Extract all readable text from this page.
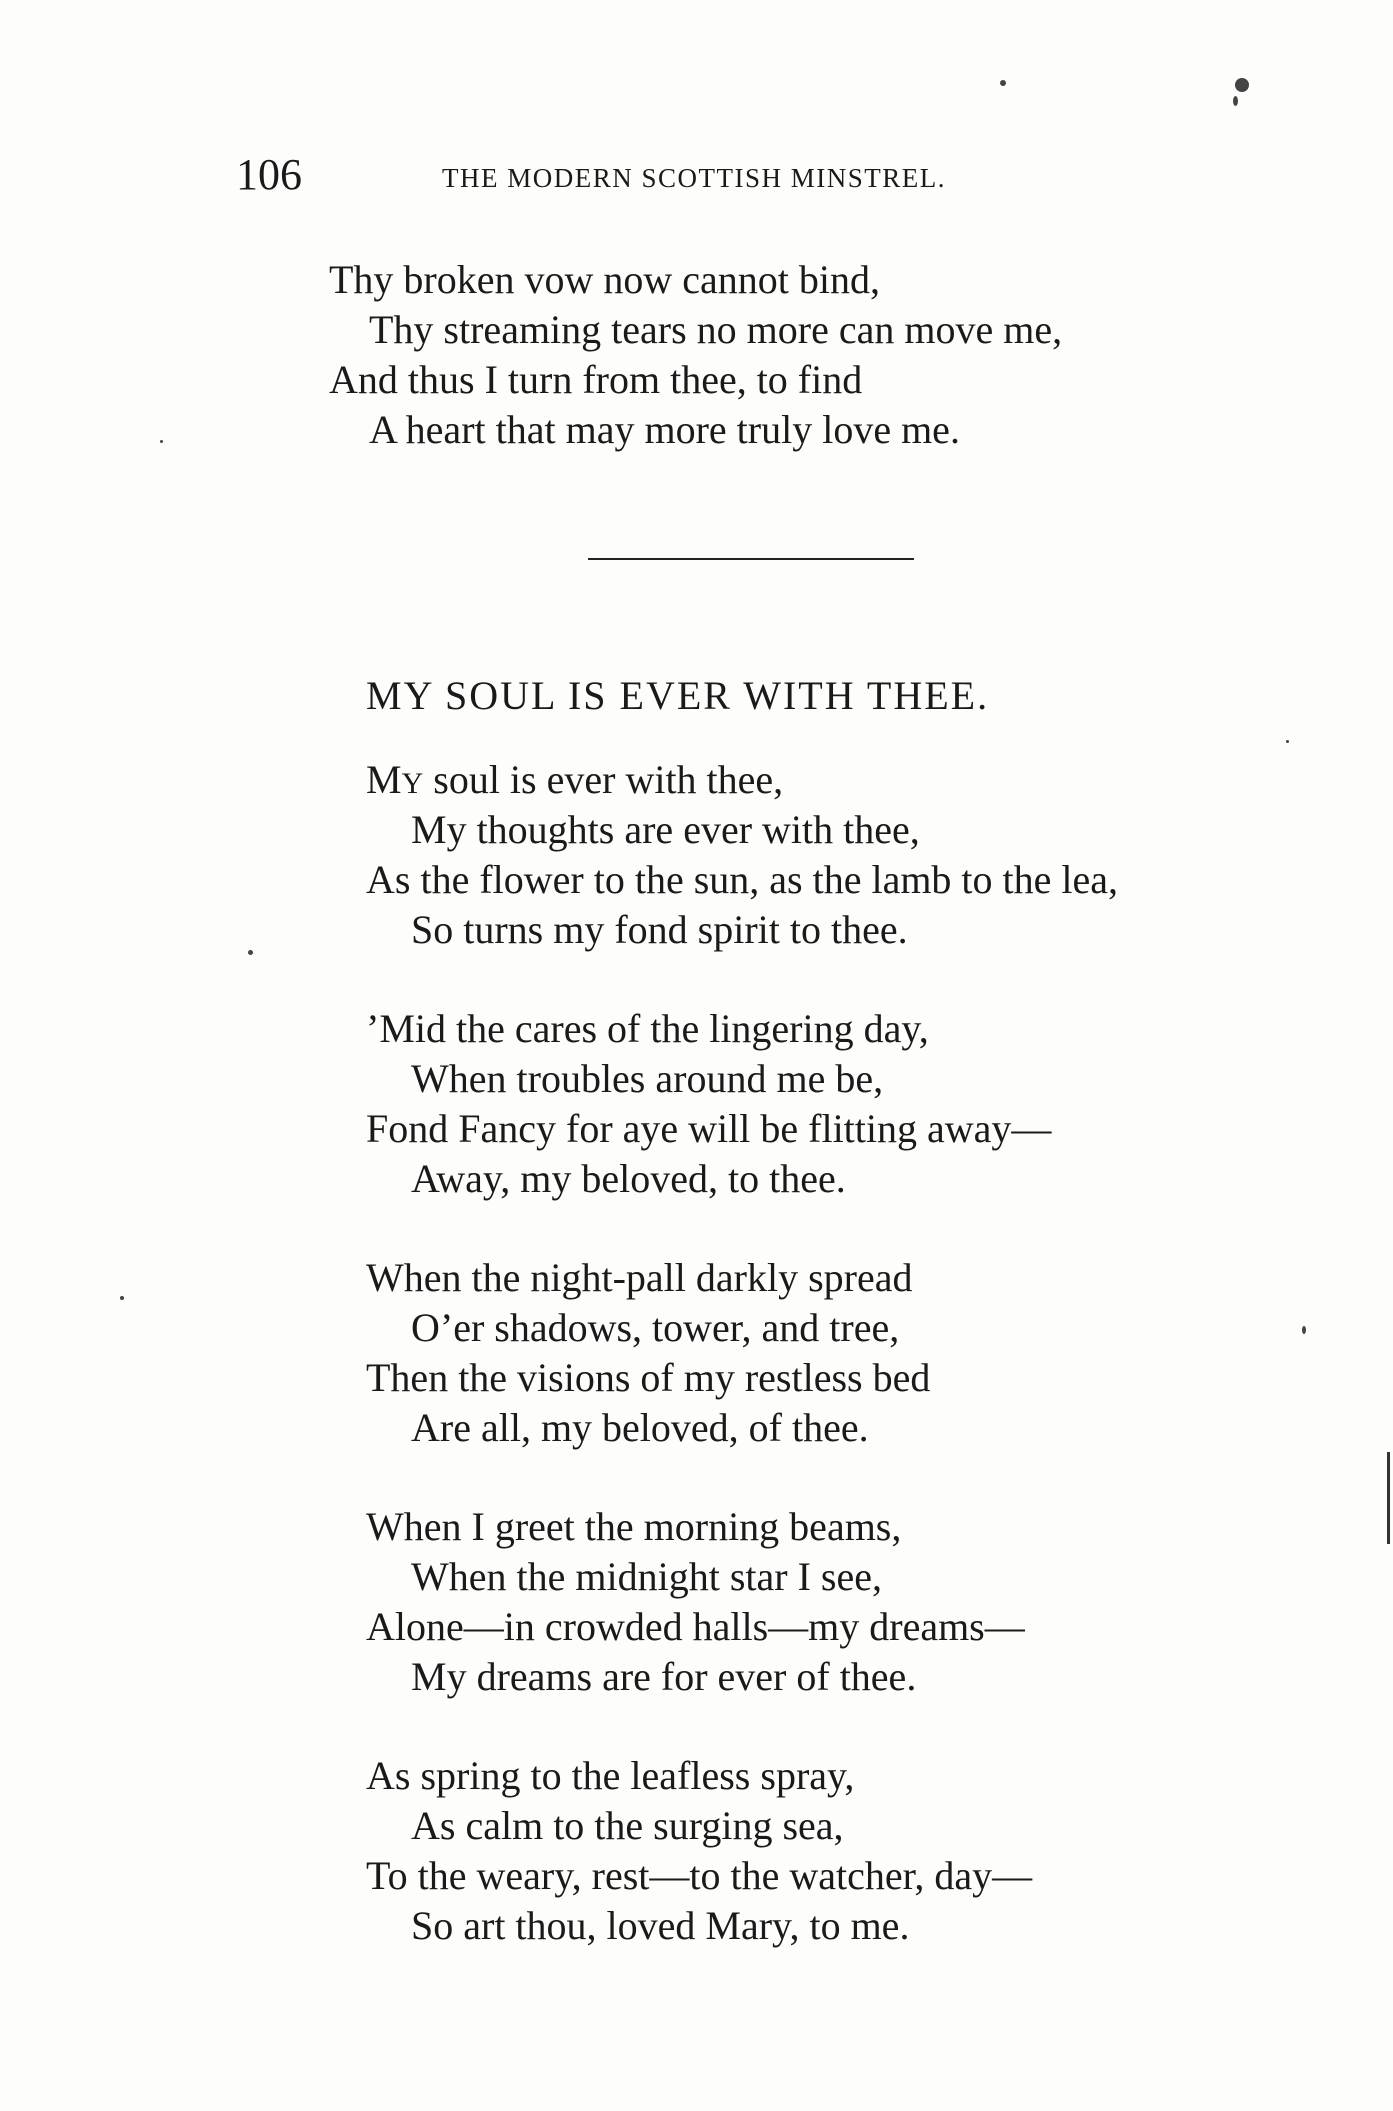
106	THE MODERN SCOTTISH MINSTREL.
Thy broken vow now cannot bind,
Thy streaming tears no more can move me,
And thus I turn from thee, to find
A heart that may more truly love me.
MY SOUL IS EVER WITH THEE.
MY soul is ever with thee,
My thoughts are ever with thee,
As the flower to the sun, as the lamb to the lea,
So turns my fond spirit to thee.
’Mid the cares of the lingering day,
When troubles around me be,
Fond Fancy for aye will be flitting away—
Away, my beloved, to thee.
When the night-pall darkly spread
O’er shadows, tower, and tree,
Then the visions of my restless bed
Are all, my beloved, of thee.
When I greet the morning beams,
When the midnight star I see,
Alone—in crowded halls—my dreams—
My dreams are for ever of thee.
As spring to the leafless spray,
As calm to the surging sea,
To the weary, rest—to the watcher, day—
So art thou, loved Mary, to me.
